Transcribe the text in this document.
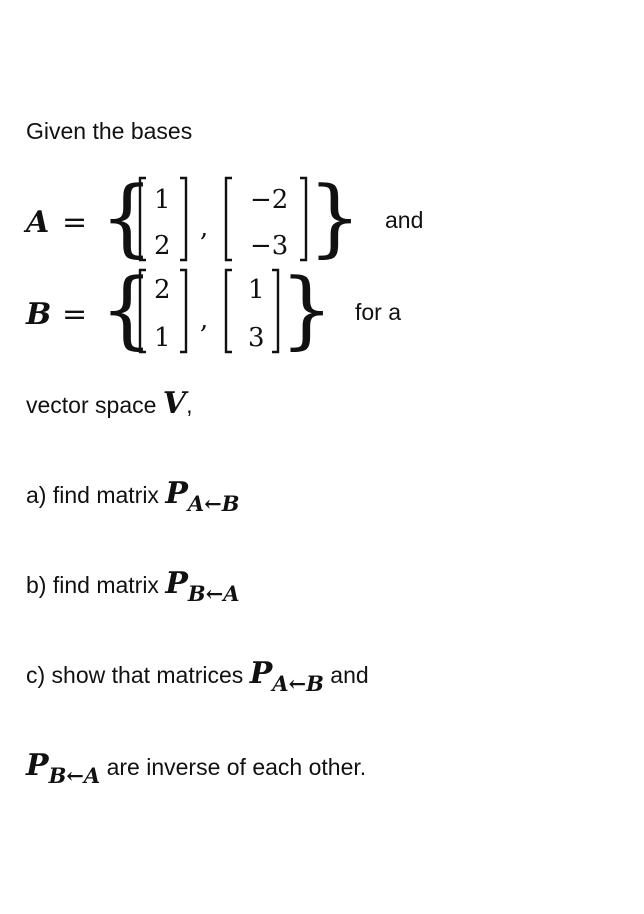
Given the bases
A = { 1
2
,
−2
−3 } and
B = { 2
1
,
1
3 } for a
vector space V,
a) find matrix PA←B
b) find matrix PB←A
c) show that matrices PA←B and
PB←A are inverse of each other.
